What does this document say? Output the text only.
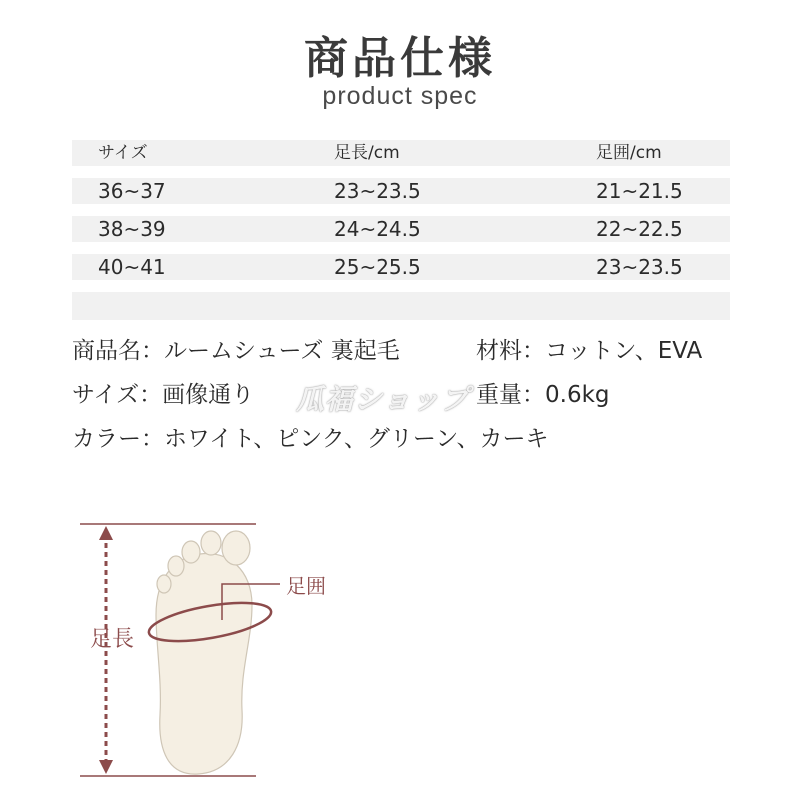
商品仕様
product spec
サイズ	足長/cm	足囲/cm
36~37	23~23.5	21~21.5
38~39	24~24.5	22~22.5
40~41	25~25.5	23~23.5
商品名：ルームシューズ 裏起毛	材料：コットン、EVA
サイズ：画像通り	重量：0.6kg
カラー：ホワイト、ピンク、グリーン、カーキ
瓜福ショップ
足長
足囲
